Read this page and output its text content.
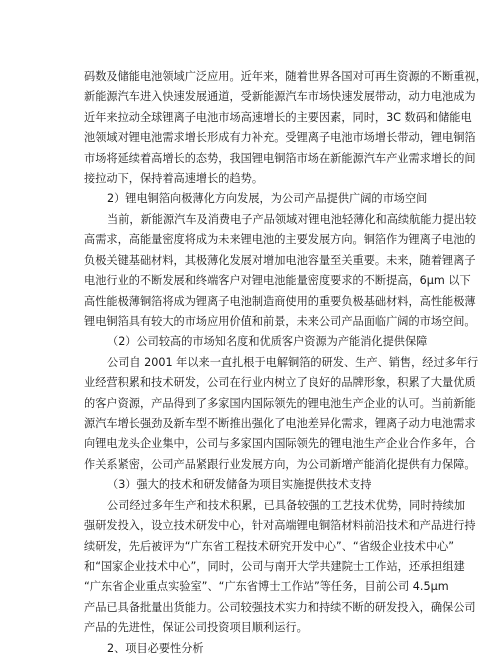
码数及储能电池领域广泛应用。近年来，随着世界各国对可再生资源的不断重视，
新能源汽车进入快速发展通道，受新能源汽车市场快速发展带动，动力电池成为
近年来拉动全球锂离子电池市场高速增长的主要因素，同时，3C 数码和储能电
池领域对锂电池需求增长形成有力补充。受锂离子电池市场增长带动，锂电铜箔
市场将延续着高增长的态势，我国锂电铜箔市场在新能源汽车产业需求增长的间
接拉动下，保持着高速增长的趋势。
2）锂电铜箔向极薄化方向发展，为公司产品提供广阔的市场空间
当前，新能源汽车及消费电子产品领域对锂电池轻薄化和高续航能力提出较
高需求，高能量密度将成为未来锂电池的主要发展方向。铜箔作为锂离子电池的
负极关键基础材料，其极薄化发展对增加电池容量至关重要。未来，随着锂离子
电池行业的不断发展和终端客户对锂电池能量密度要求的不断提高，6μm 以下
高性能极薄铜箔将成为锂离子电池制造商使用的重要负极基础材料，高性能极薄
锂电铜箔具有较大的市场应用价值和前景，未来公司产品面临广阔的市场空间。
（2）公司较高的市场知名度和优质客户资源为产能消化提供保障
公司自 2001 年以来一直扎根于电解铜箔的研发、生产、销售，经过多年行
业经营积累和技术研发，公司在行业内树立了良好的品牌形象，积累了大量优质
的客户资源，产品得到了多家国内国际领先的锂电池生产企业的认可。当前新能
源汽车增长强劲及新车型不断推出强化了电池差异化需求，锂离子动力电池需求
向锂电龙头企业集中，公司与多家国内国际领先的锂电池生产企业合作多年，合
作关系紧密，公司产品紧跟行业发展方向，为公司新增产能消化提供有力保障。
（3）强大的技术和研发储备为项目实施提供技术支持
公司经过多年生产和技术积累，已具备较强的工艺技术优势，同时持续加
强研发投入，设立技术研发中心，针对高端锂电铜箔材料前沿技术和产品进行持
续研发，先后被评为“广东省工程技术研究开发中心”、“省级企业技术中心”
和“国家企业技术中心”，同时，公司与南开大学共建院士工作站，还承担组建
“广东省企业重点实验室”、“广东省博士工作站”等任务，目前公司 4.5μm
产品已具备批量出货能力。公司较强技术实力和持续不断的研发投入，确保公司
产品的先进性，保证公司投资项目顺利运行。
2、项目必要性分析
